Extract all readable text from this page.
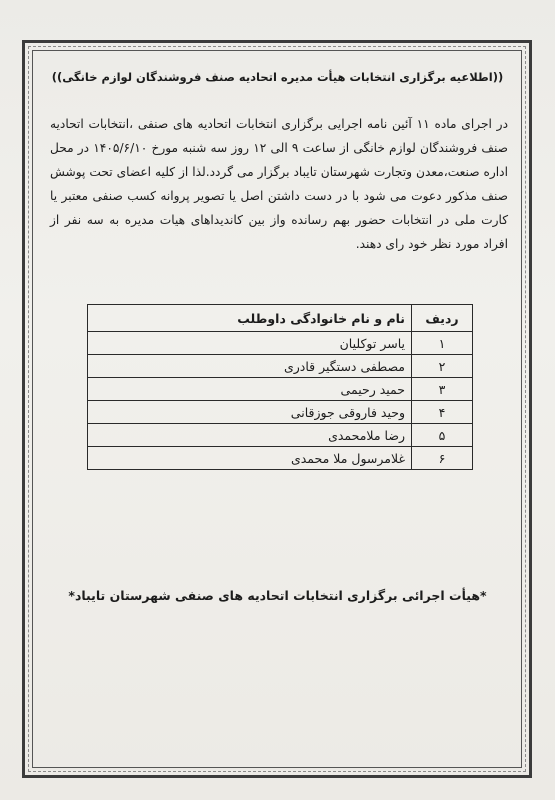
((اطلاعیه برگزاری انتخابات هیأت مدیره اتحادیه صنف فروشندگان لوازم خانگی))
در اجرای ماده ۱۱ آئین نامه اجرایی برگزاری انتخابات اتحادیه های صنفی ،انتخابات اتحادیه صنف فروشندگان لوازم خانگی از ساعت ۹ الی ۱۲ روز سه شنبه مورخ ۱۴۰۵/۶/۱۰ در محل اداره صنعت،معدن وتجارت شهرستان تایباد برگزار می گردد.لذا از کلیه اعضای تحت پوشش صنف مذکور دعوت می شود با در دست داشتن اصل یا تصویر پروانه کسب صنفی معتبر یا کارت ملی در انتخابات حضور بهم رسانده واز بین کاندیداهای هیات مدیره به سه نفر از افراد مورد نظر خود رای دهند.
ردیف	نام و نام خانوادگی داوطلب
۱	یاسر توکلیان
۲	مصطفی دستگیر قادری
۳	حمید رحیمی
۴	وحید فاروقی جوزقانی
۵	رضا ملامحمدی
۶	غلامرسول ملا محمدی
*هیأت اجرائی برگزاری انتخابات اتحادیه های صنفی شهرستان تایباد*
